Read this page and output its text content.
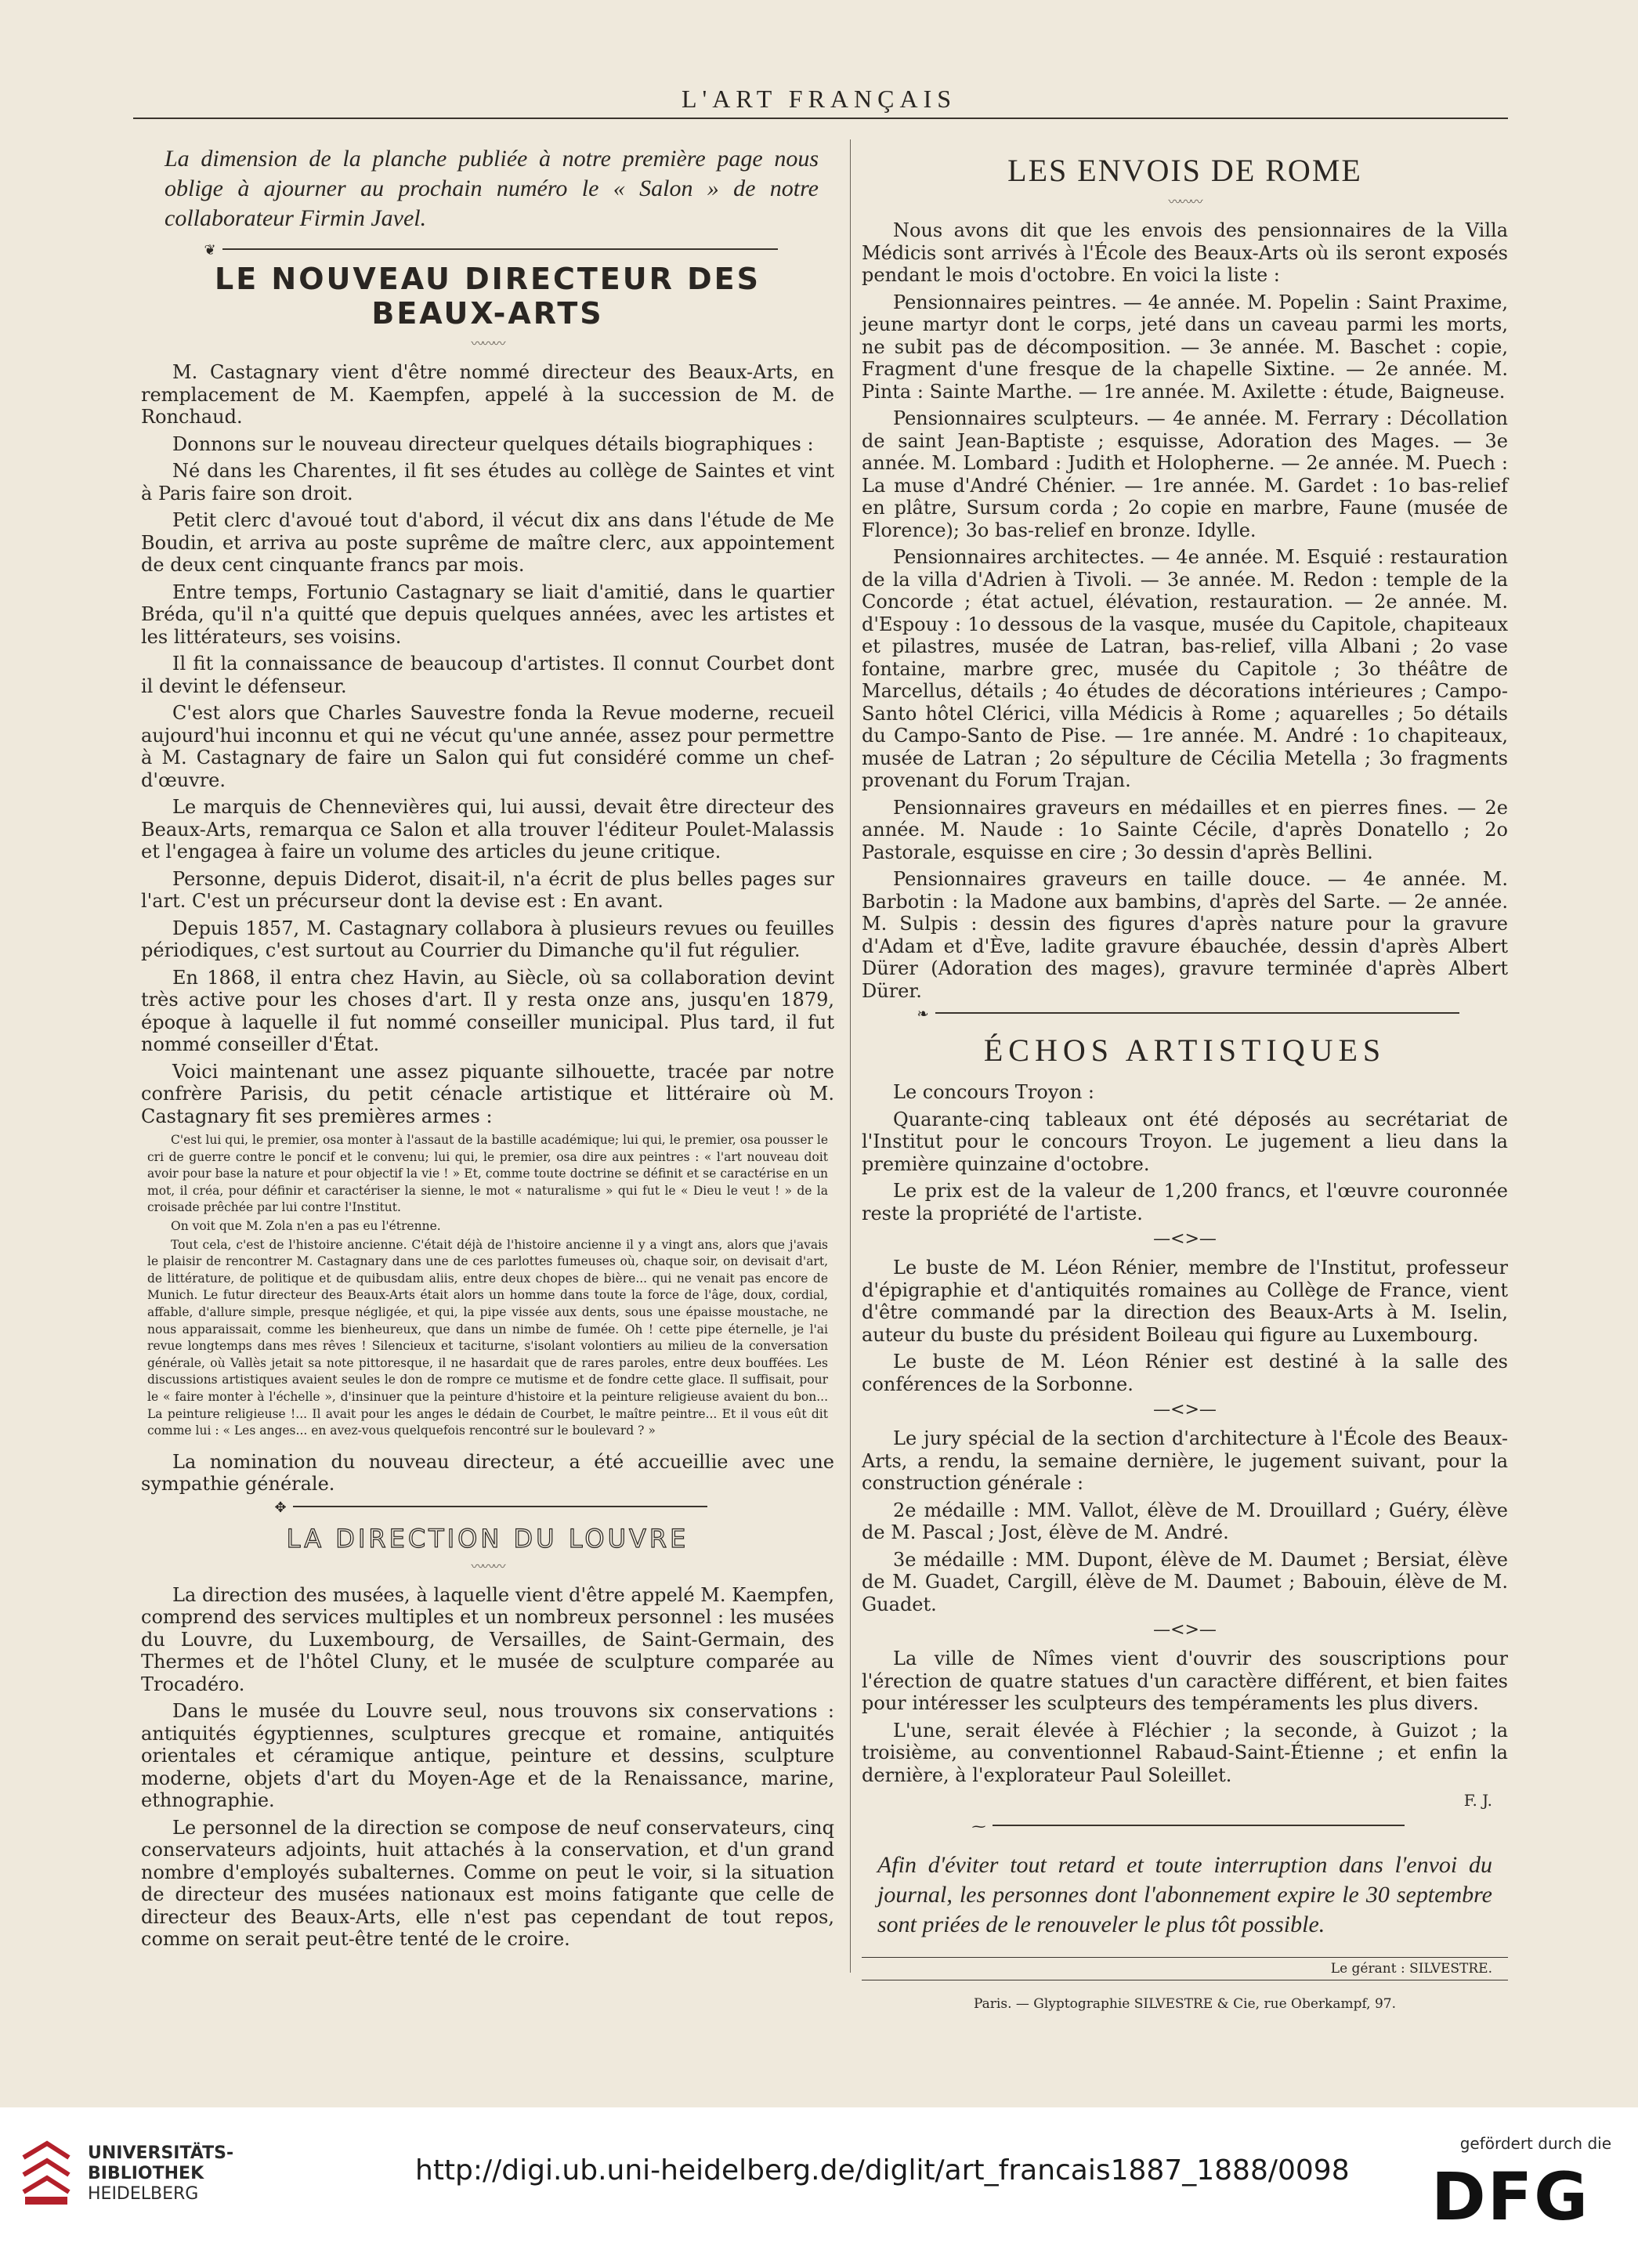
L'ART FRANÇAIS

La dimension de la planche publiée à notre première page nous oblige à ajourner au prochain numéro le « Salon » de notre collaborateur Firmin Javel.

❦
LE NOUVEAU DIRECTEUR DES BEAUX-ARTS
〰〰〰

M. Castagnary vient d'être nommé directeur des Beaux-Arts, en remplacement de M. Kaempfen, appelé à la succession de M. de Ronchaud.

Donnons sur le nouveau directeur quelques détails biographiques :

Né dans les Charentes, il fit ses études au collège de Saintes et vint à Paris faire son droit.

Petit clerc d'avoué tout d'abord, il vécut dix ans dans l'étude de Me Boudin, et arriva au poste suprême de maître clerc, aux appointement de deux cent cinquante francs par mois.

Entre temps, Fortunio Castagnary se liait d'amitié, dans le quartier Bréda, qu'il n'a quitté que depuis quelques années, avec les artistes et les littérateurs, ses voisins.

Il fit la connaissance de beaucoup d'artistes. Il connut Courbet dont il devint le défenseur.

C'est alors que Charles Sauvestre fonda la Revue moderne, recueil aujourd'hui inconnu et qui ne vécut qu'une année, assez pour permettre à M. Castagnary de faire un Salon qui fut considéré comme un chef-d'œuvre.

Le marquis de Chennevières qui, lui aussi, devait être directeur des Beaux-Arts, remarqua ce Salon et alla trouver l'éditeur Poulet-Malassis et l'engagea à faire un volume des articles du jeune critique.

Personne, depuis Diderot, disait-il, n'a écrit de plus belles pages sur l'art. C'est un précurseur dont la devise est : En avant.

Depuis 1857, M. Castagnary collabora à plusieurs revues ou feuilles périodiques, c'est surtout au Courrier du Dimanche qu'il fut régulier.

En 1868, il entra chez Havin, au Siècle, où sa collaboration devint très active pour les choses d'art. Il y resta onze ans, jusqu'en 1879, époque à laquelle il fut nommé conseiller municipal. Plus tard, il fut nommé conseiller d'État.

Voici maintenant une assez piquante silhouette, tracée par notre confrère Parisis, du petit cénacle artistique et littéraire où M. Castagnary fit ses premières armes :

C'est lui qui, le premier, osa monter à l'assaut de la bastille académique; lui qui, le premier, osa pousser le cri de guerre contre le poncif et le convenu; lui qui, le premier, osa dire aux peintres : « l'art nouveau doit avoir pour base la nature et pour objectif la vie ! » Et, comme toute doctrine se définit et se caractérise en un mot, il créa, pour définir et caractériser la sienne, le mot « naturalisme » qui fut le « Dieu le veut ! » de la croisade prêchée par lui contre l'Institut.

On voit que M. Zola n'en a pas eu l'étrenne.

Tout cela, c'est de l'histoire ancienne. C'était déjà de l'histoire ancienne il y a vingt ans, alors que j'avais le plaisir de rencontrer M. Castagnary dans une de ces parlottes fumeuses où, chaque soir, on devisait d'art, de littérature, de politique et de quibusdam aliis, entre deux chopes de bière... qui ne venait pas encore de Munich. Le futur directeur des Beaux-Arts était alors un homme dans toute la force de l'âge, doux, cordial, affable, d'allure simple, presque négligée, et qui, la pipe vissée aux dents, sous une épaisse moustache, ne nous apparaissait, comme les bienheureux, que dans un nimbe de fumée. Oh ! cette pipe éternelle, je l'ai revue longtemps dans mes rêves ! Silencieux et taciturne, s'isolant volontiers au milieu de la conversation générale, où Vallès jetait sa note pittoresque, il ne hasardait que de rares paroles, entre deux bouffées. Les discussions artistiques avaient seules le don de rompre ce mutisme et de fondre cette glace. Il suffisait, pour le « faire monter à l'échelle », d'insinuer que la peinture d'histoire et la peinture religieuse avaient du bon... La peinture religieuse !... Il avait pour les anges le dédain de Courbet, le maître peintre... Et il vous eût dit comme lui : « Les anges... en avez-vous quelquefois rencontré sur le boulevard ? »

La nomination du nouveau directeur, a été accueillie avec une sympathie générale.

✥
LA DIRECTION DU LOUVRE
〰〰〰

La direction des musées, à laquelle vient d'être appelé M. Kaempfen, comprend des services multiples et un nombreux personnel : les musées du Louvre, du Luxembourg, de Versailles, de Saint-Germain, des Thermes et de l'hôtel Cluny, et le musée de sculpture comparée au Trocadéro.

Dans le musée du Louvre seul, nous trouvons six conservations : antiquités égyptiennes, sculptures grecque et romaine, antiquités orientales et céramique antique, peinture et dessins, sculpture moderne, objets d'art du Moyen-Age et de la Renaissance, marine, ethnographie.

Le personnel de la direction se compose de neuf conservateurs, cinq conservateurs adjoints, huit attachés à la conservation, et d'un grand nombre d'employés subalternes. Comme on peut le voir, si la situation de directeur des musées nationaux est moins fatigante que celle de directeur des Beaux-Arts, elle n'est pas cependant de tout repos, comme on serait peut-être tenté de le croire.

LES ENVOIS DE ROME
〰〰〰

Nous avons dit que les envois des pensionnaires de la Villa Médicis sont arrivés à l'École des Beaux-Arts où ils seront exposés pendant le mois d'octobre. En voici la liste :

Pensionnaires peintres. — 4e année. M. Popelin : Saint Praxime, jeune martyr dont le corps, jeté dans un caveau parmi les morts, ne subit pas de décomposition. — 3e année. M. Baschet : copie, Fragment d'une fresque de la chapelle Sixtine. — 2e année. M. Pinta : Sainte Marthe. — 1re année. M. Axilette : étude, Baigneuse.

Pensionnaires sculpteurs. — 4e année. M. Ferrary : Décollation de saint Jean-Baptiste ; esquisse, Adoration des Mages. — 3e année. M. Lombard : Judith et Holopherne. — 2e année. M. Puech : La muse d'André Chénier. — 1re année. M. Gardet : 1o bas-relief en plâtre, Sursum corda ; 2o copie en marbre, Faune (musée de Florence); 3o bas-relief en bronze. Idylle.

Pensionnaires architectes. — 4e année. M. Esquié : restauration de la villa d'Adrien à Tivoli. — 3e année. M. Redon : temple de la Concorde ; état actuel, élévation, restauration. — 2e année. M. d'Espouy : 1o dessous de la vasque, musée du Capitole, chapiteaux et pilastres, musée de Latran, bas-relief, villa Albani ; 2o vase fontaine, marbre grec, musée du Capitole ; 3o théâtre de Marcellus, détails ; 4o études de décorations intérieures ; Campo-Santo hôtel Clérici, villa Médicis à Rome ; aquarelles ; 5o détails du Campo-Santo de Pise. — 1re année. M. André : 1o chapiteaux, musée de Latran ; 2o sépulture de Cécilia Metella ; 3o fragments provenant du Forum Trajan.

Pensionnaires graveurs en médailles et en pierres fines. — 2e année. M. Naude : 1o Sainte Cécile, d'après Donatello ; 2o Pastorale, esquisse en cire ; 3o dessin d'après Bellini.

Pensionnaires graveurs en taille douce. — 4e année. M. Barbotin : la Madone aux bambins, d'après del Sarte. — 2e année. M. Sulpis : dessin des figures d'après nature pour la gravure d'Adam et d'Ève, ladite gravure ébauchée, dessin d'après Albert Dürer (Adoration des mages), gravure terminée d'après Albert Dürer.

❧
ÉCHOS ARTISTIQUES

Le concours Troyon :

Quarante-cinq tableaux ont été déposés au secrétariat de l'Institut pour le concours Troyon. Le jugement a lieu dans la première quinzaine d'octobre.

Le prix est de la valeur de 1,200 francs, et l'œuvre couronnée reste la propriété de l'artiste.

—<>—

Le buste de M. Léon Rénier, membre de l'Institut, professeur d'épigraphie et d'antiquités romaines au Collège de France, vient d'être commandé par la direction des Beaux-Arts à M. Iselin, auteur du buste du président Boileau qui figure au Luxembourg.

Le buste de M. Léon Rénier est destiné à la salle des conférences de la Sorbonne.

—<>—

Le jury spécial de la section d'architecture à l'École des Beaux-Arts, a rendu, la semaine dernière, le jugement suivant, pour la construction générale :

2e médaille : MM. Vallot, élève de M. Drouillard ; Guéry, élève de M. Pascal ; Jost, élève de M. André.

3e médaille : MM. Dupont, élève de M. Daumet ; Bersiat, élève de M. Guadet, Cargill, élève de M. Daumet ; Babouin, élève de M. Guadet.

—<>—

La ville de Nîmes vient d'ouvrir des souscriptions pour l'érection de quatre statues d'un caractère différent, et bien faites pour intéresser les sculpteurs des tempéraments les plus divers.

L'une, serait élevée à Fléchier ; la seconde, à Guizot ; la troisième, au conventionnel Rabaud-Saint-Étienne ; et enfin la dernière, à l'explorateur Paul Soleillet.

F. J.
⁓

Afin d'éviter tout retard et toute interruption dans l'envoi du journal, les personnes dont l'abonnement expire le 30 septembre sont priées de le renouveler le plus tôt possible.

Le gérant : SILVESTRE.
Paris. — Glyptographie SILVESTRE & Cie, rue Oberkampf, 97.
UNIVERSITÄTS-
BIBLIOTHEK
HEIDELBERG
http://digi.ub.uni-heidelberg.de/diglit/art_francais1887_1888/0098
gefördert durch die
DFG
